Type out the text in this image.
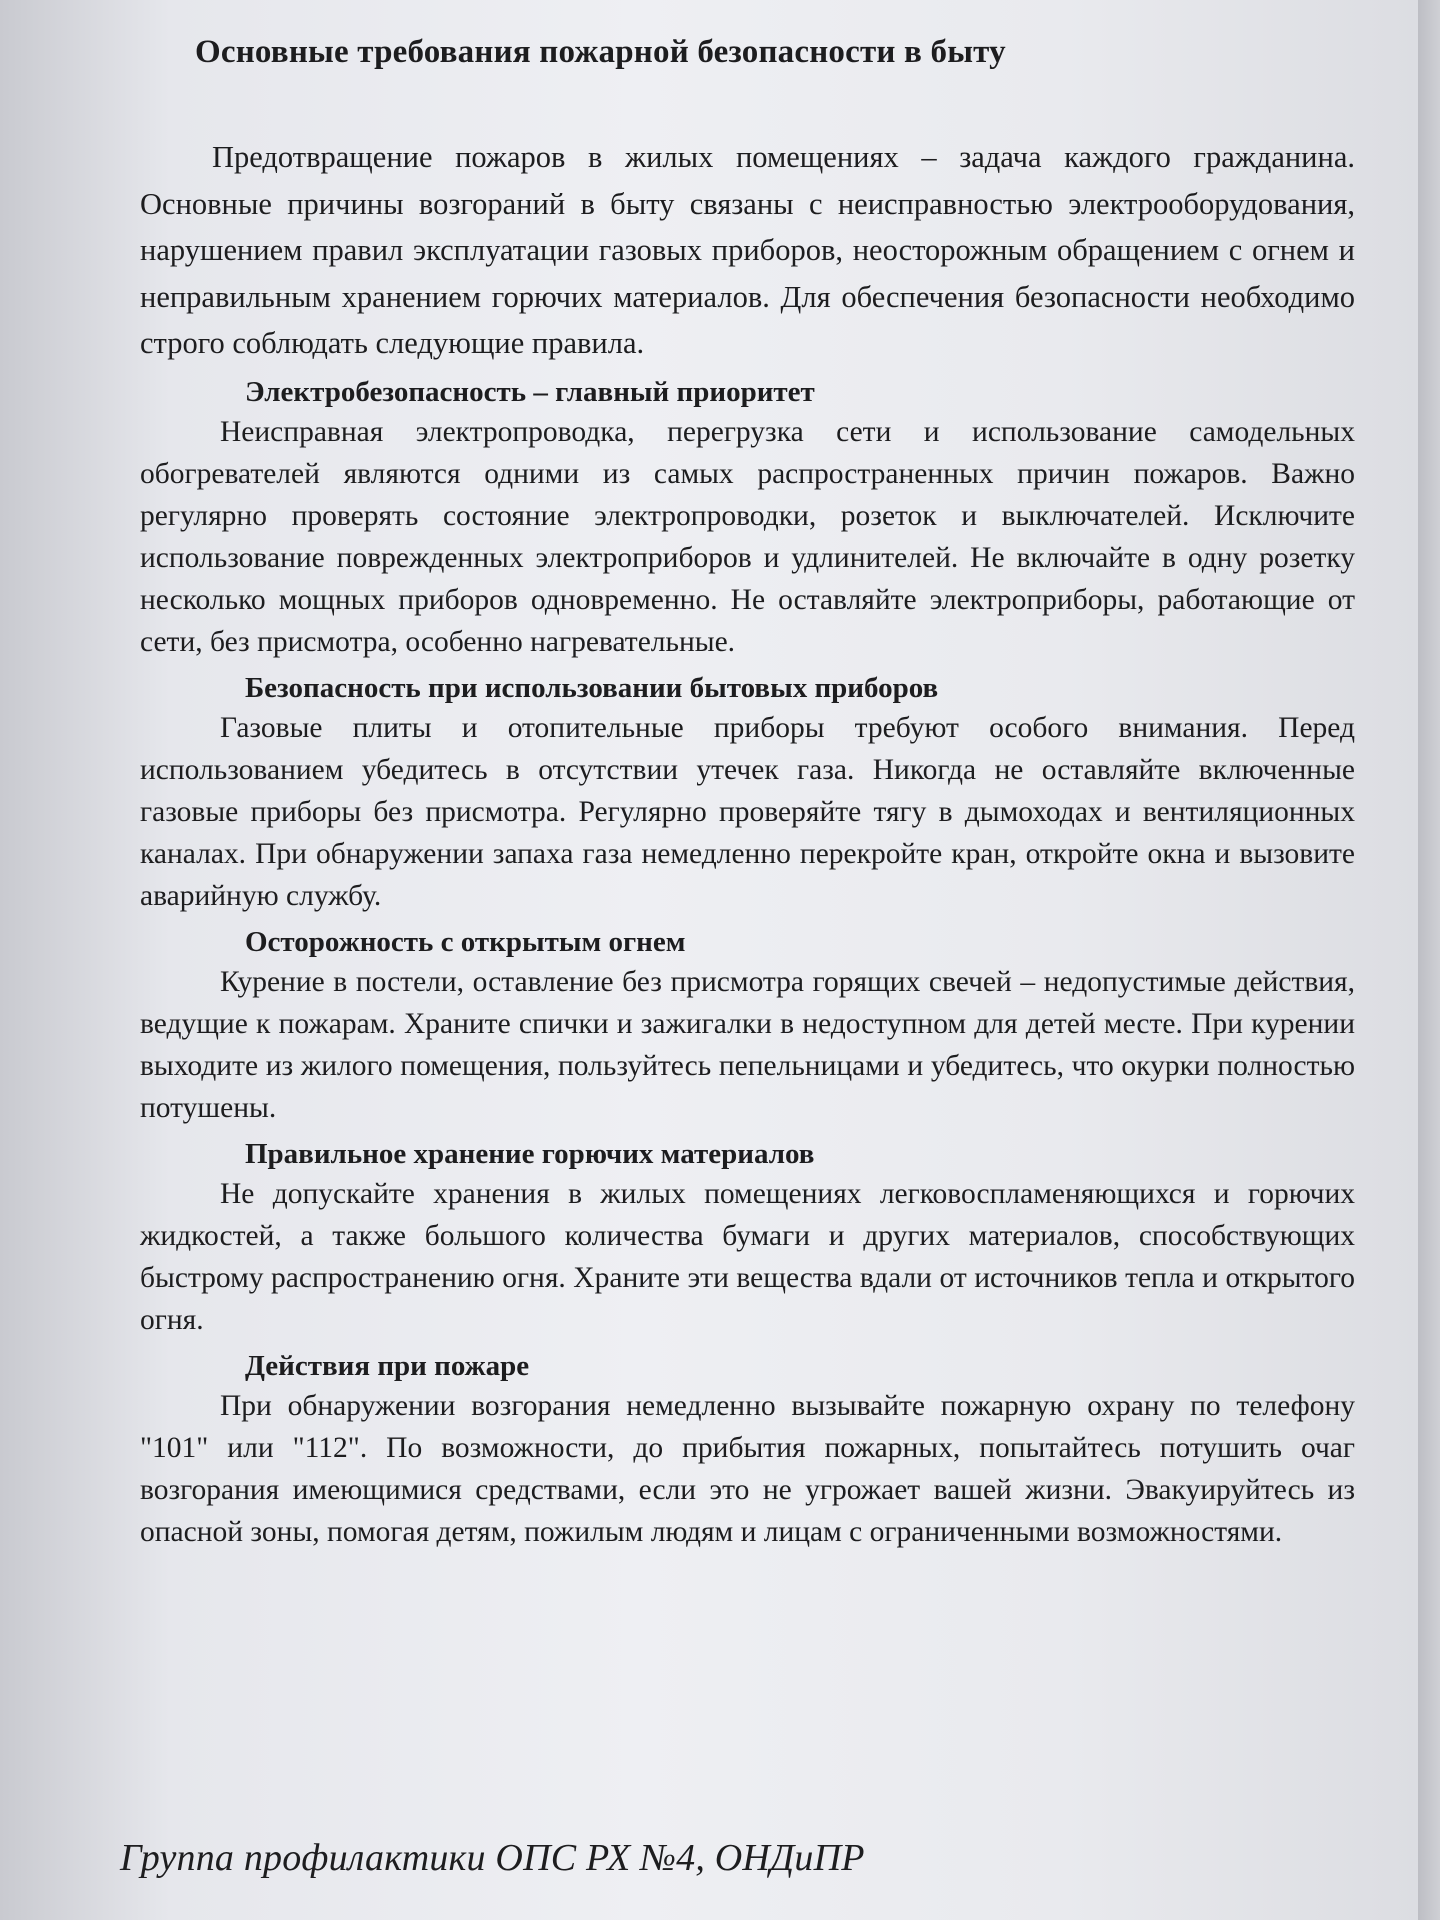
Основные требования пожарной безопасности в быту

Предотвращение пожаров в жилых помещениях – задача каждого гражданина. Основные причины возгораний в быту связаны с неисправностью электрооборудования, нарушением правил эксплуатации газовых приборов, неосторожным обращением с огнем и неправильным хранением горючих материалов. Для обеспечения безопасности необходимо строго соблюдать следующие правила.

Электробезопасность – главный приоритет

Неисправная электропроводка, перегрузка сети и использование самодельных обогревателей являются одними из самых распространенных причин пожаров. Важно регулярно проверять состояние электропроводки, розеток и выключателей. Исключите использование поврежденных электроприборов и удлинителей. Не включайте в одну розетку несколько мощных приборов одновременно. Не оставляйте электроприборы, работающие от сети, без присмотра, особенно нагревательные.

Безопасность при использовании бытовых приборов

Газовые плиты и отопительные приборы требуют особого внимания. Перед использованием убедитесь в отсутствии утечек газа. Никогда не оставляйте включенные газовые приборы без присмотра. Регулярно проверяйте тягу в дымоходах и вентиляционных каналах. При обнаружении запаха газа немедленно перекройте кран, откройте окна и вызовите аварийную службу.

Осторожность с открытым огнем

Курение в постели, оставление без присмотра горящих свечей – недопустимые действия, ведущие к пожарам. Храните спички и зажигалки в недоступном для детей месте. При курении выходите из жилого помещения, пользуйтесь пепельницами и убедитесь, что окурки полностью потушены.

Правильное хранение горючих материалов

Не допускайте хранения в жилых помещениях легковоспламеняющихся и горючих жидкостей, а также большого количества бумаги и других материалов, способствующих быстрому распространению огня. Храните эти вещества вдали от источников тепла и открытого огня.

Действия при пожаре

При обнаружении возгорания немедленно вызывайте пожарную охрану по телефону "101" или "112". По возможности, до прибытия пожарных, попытайтесь потушить очаг возгорания имеющимися средствами, если это не угрожает вашей жизни. Эвакуируйтесь из опасной зоны, помогая детям, пожилым людям и лицам с ограниченными возможностями.

Группа профилактики ОПС РХ №4, ОНДиПР
